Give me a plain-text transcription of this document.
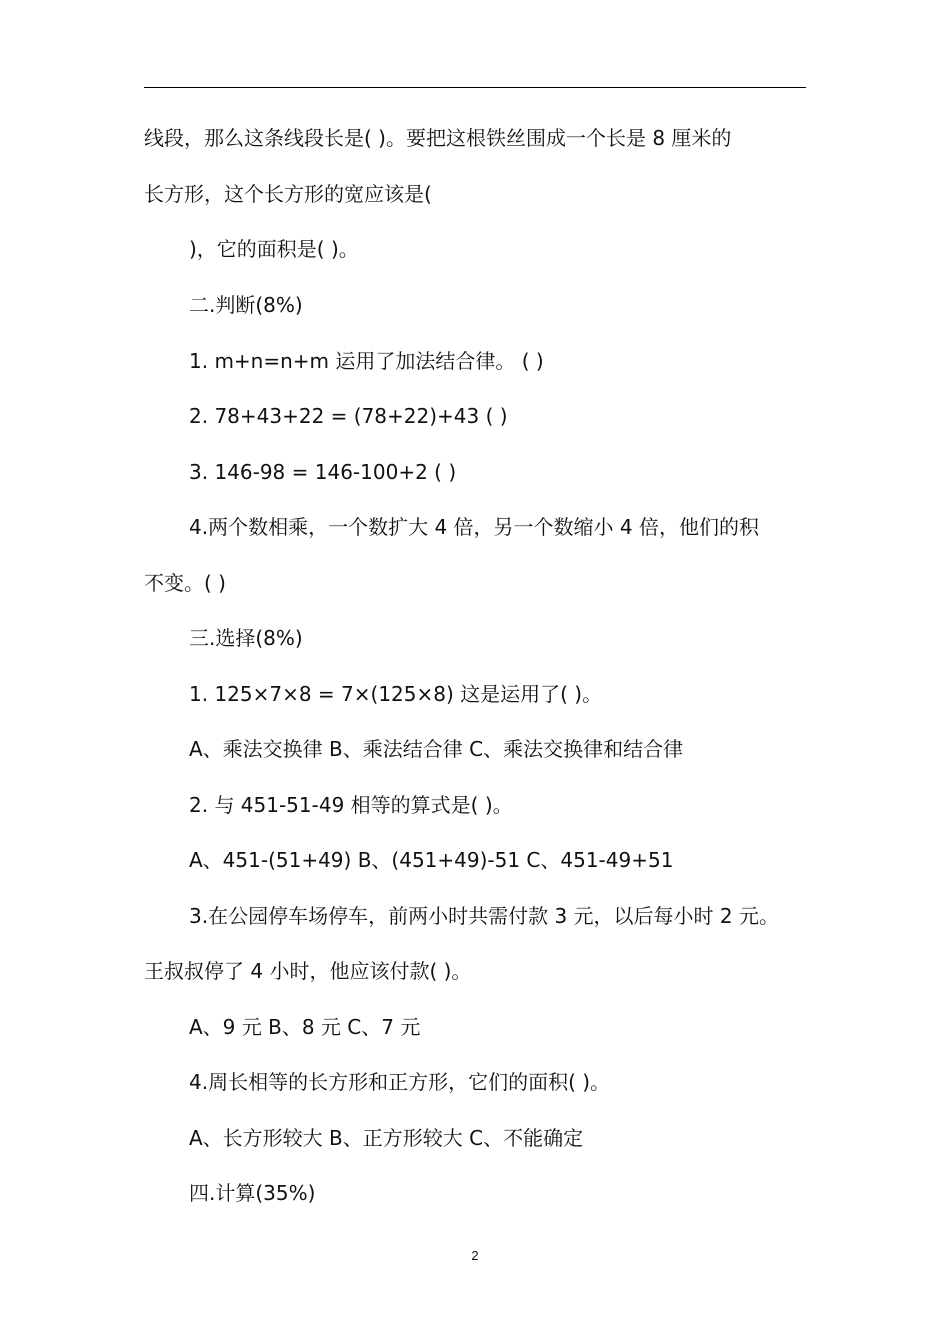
线段，那么这条线段长是( )。要把这根铁丝围成一个长是 8 厘米的
长方形，这个长方形的宽应该是(
)，它的面积是( )。
二.判断(8%)
1. m+n=n+m 运用了加法结合律。 ( )
2. 78+43+22 = (78+22)+43 ( )
3. 146-98 = 146-100+2 ( )
4.两个数相乘，一个数扩大 4 倍，另一个数缩小 4 倍，他们的积
不变。( )
三.选择(8%)
1. 125×7×8 = 7×(125×8) 这是运用了( )。
A、乘法交换律 B、乘法结合律 C、乘法交换律和结合律
2. 与 451-51-49 相等的算式是( )。
A、451-(51+49) B、(451+49)-51 C、451-49+51
3.在公园停车场停车，前两小时共需付款 3 元，以后每小时 2 元。
王叔叔停了 4 小时，他应该付款( )。
A、9 元 B、8 元 C、7 元
4.周长相等的长方形和正方形，它们的面积( )。
A、长方形较大 B、正方形较大 C、不能确定
四.计算(35%)
2
